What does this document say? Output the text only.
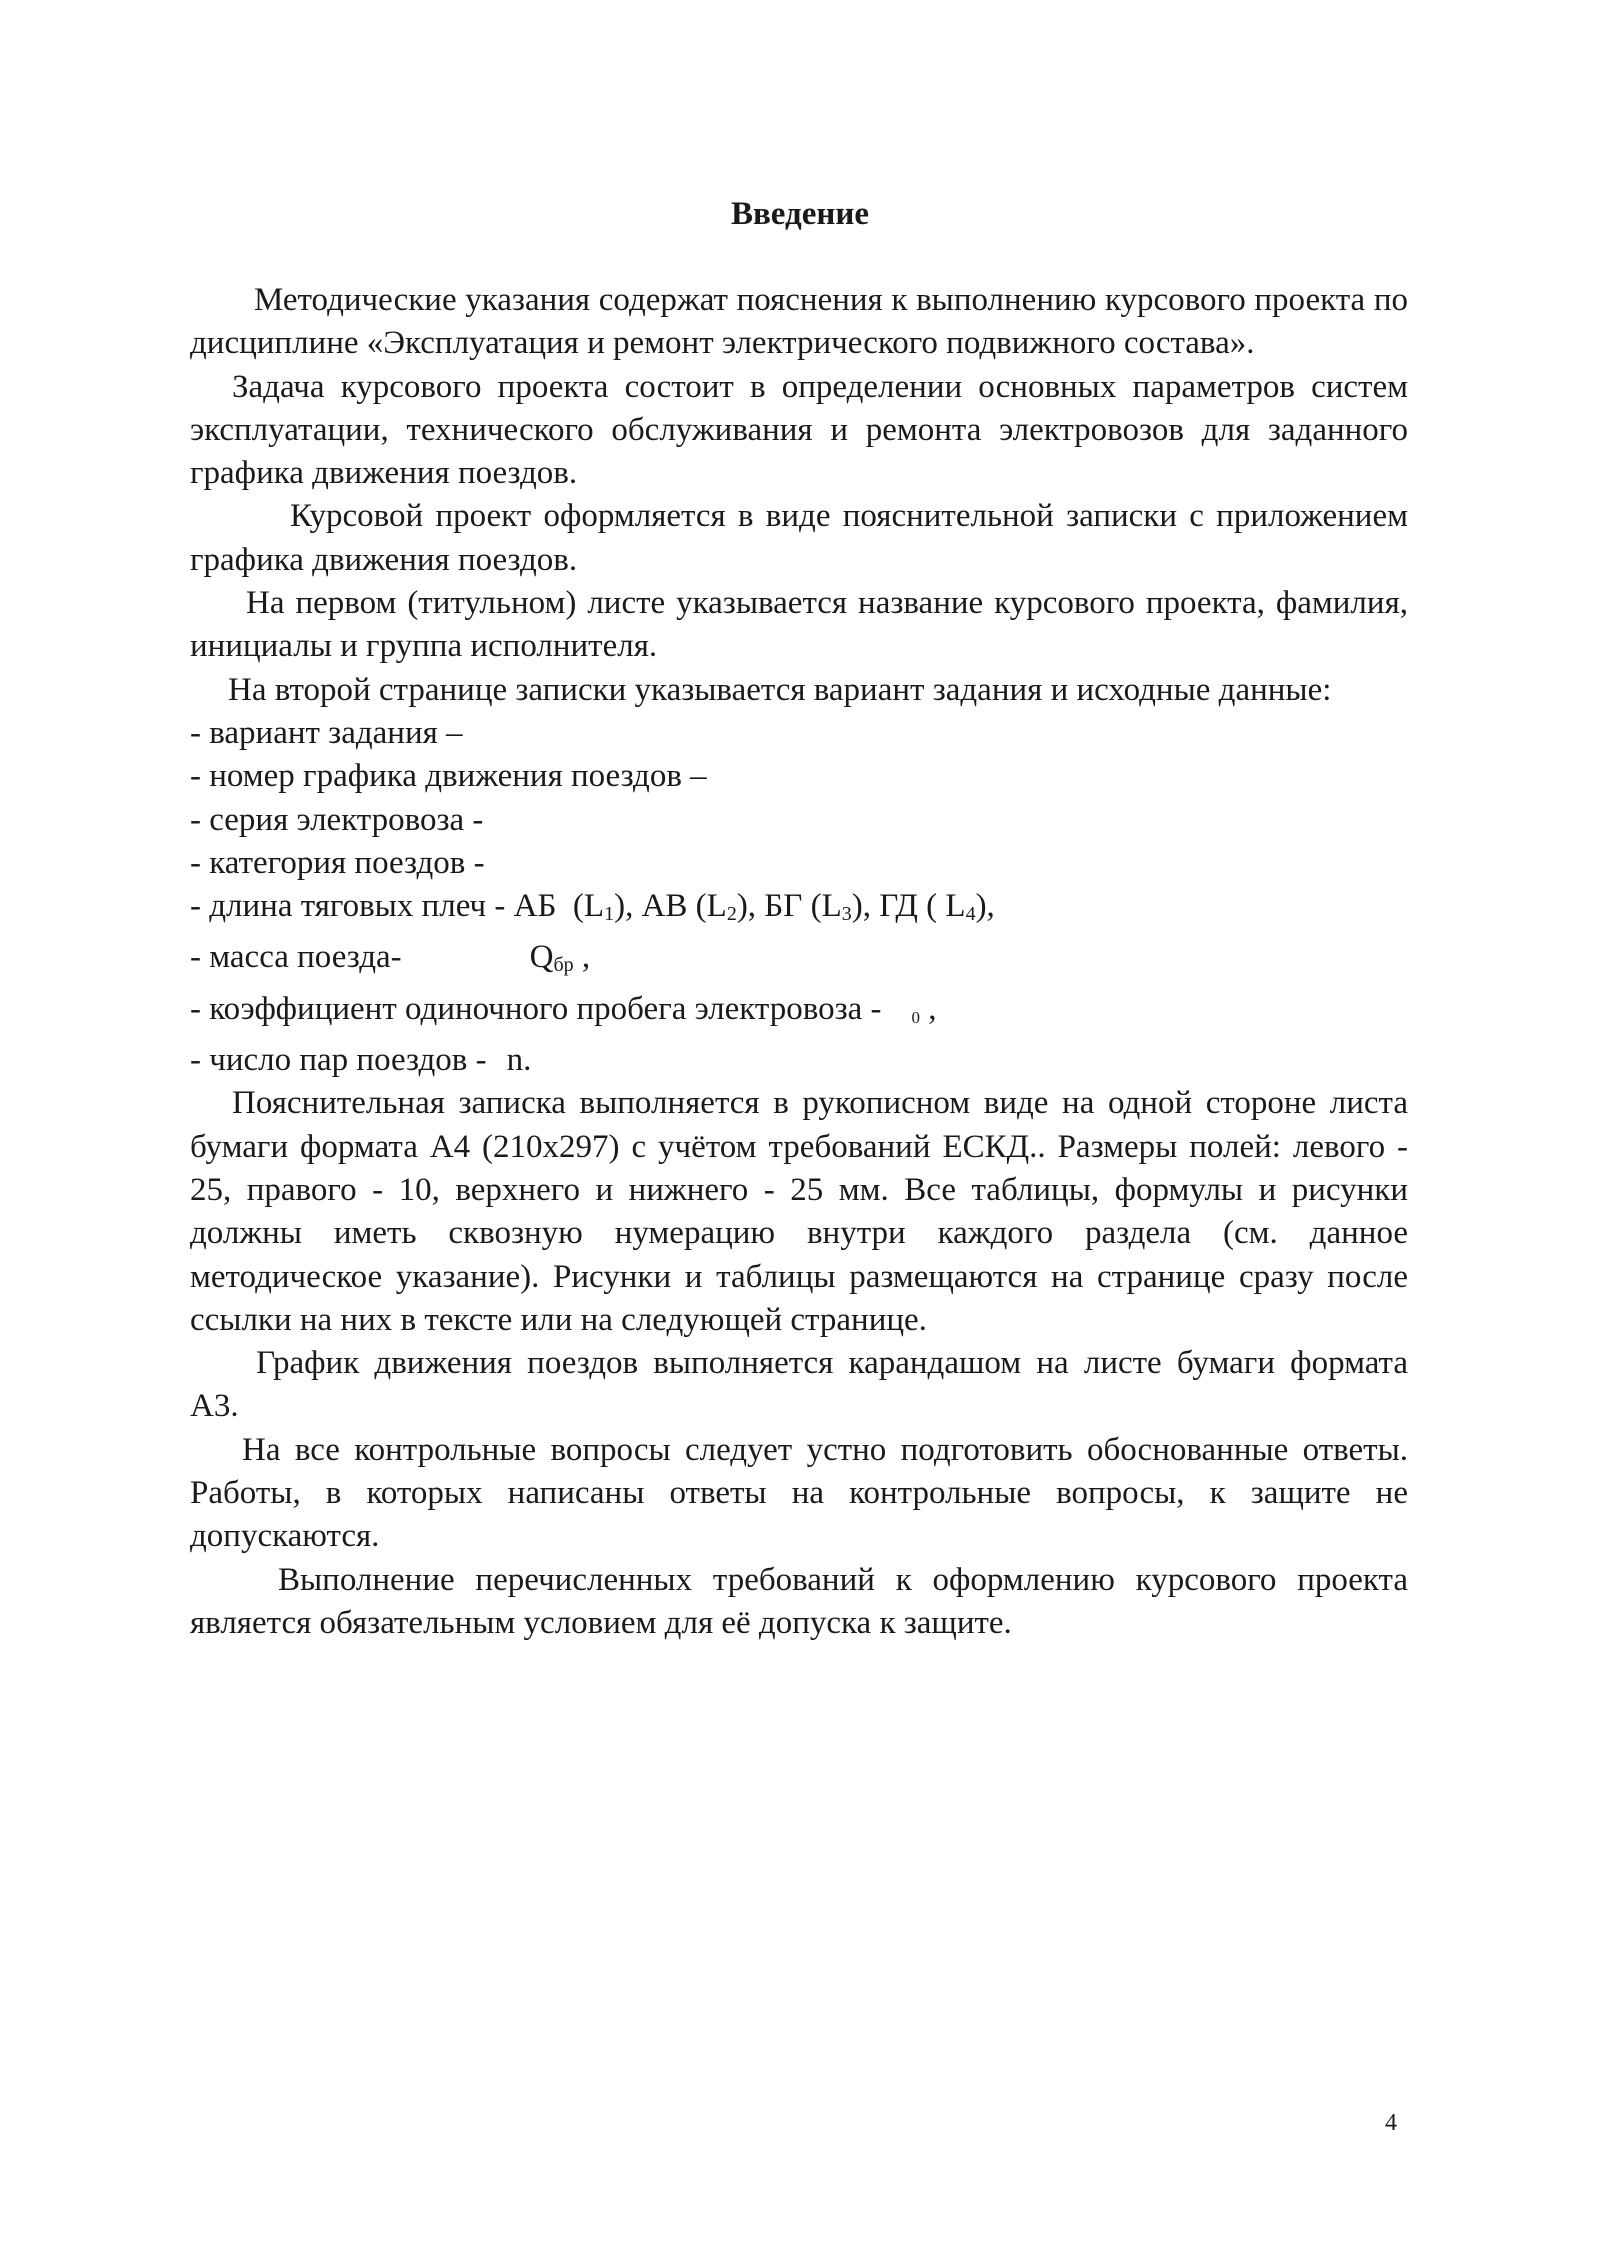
Введение

Методические указания содержат пояснения к выполнению курсового проекта по дисциплине «Эксплуатация и ремонт электрического подвижного состава».

Задача курсового проекта состоит в определении основных параметров систем эксплуатации, технического обслуживания и ремонта электровозов для заданного графика движения поездов.

Курсовой проект оформляется в виде пояснительной записки с приложением графика движения поездов.

На первом (титульном) листе указывается название курсового проекта, фамилия, инициалы и группа исполнителя.

На второй странице записки указывается вариант задания и исходные данные:

- вариант задания –

- номер графика движения поездов –

- серия электровоза -

- категория поездов -

- длина тяговых плеч - АБ  (L1), АВ (L2), БГ (L3), ГД ( L4),

- масса поезда-	Qбр ,

- коэффициент одиночного пробега электровоза - 0 ,

- число пар поездов - n.

Пояснительная записка выполняется в рукописном виде на одной стороне листа бумаги формата А4 (210х297) с учётом требований ЕСКД.. Размеры полей: левого - 25, правого - 10, верхнего и нижнего - 25 мм. Все таблицы, формулы и рисунки должны иметь сквозную нумерацию внутри каждого раздела (см. данное методическое указание). Рисунки и таблицы размещаются на странице сразу после ссылки на них в тексте или на следующей странице.

График движения поездов выполняется карандашом на листе бумаги формата А3.

На все контрольные вопросы следует устно подготовить обоснованные ответы. Работы, в которых написаны ответы на контрольные вопросы, к защите не допускаются.

Выполнение перечисленных требований к оформлению курсового проекта является обязательным условием для её допуска к защите.

4
